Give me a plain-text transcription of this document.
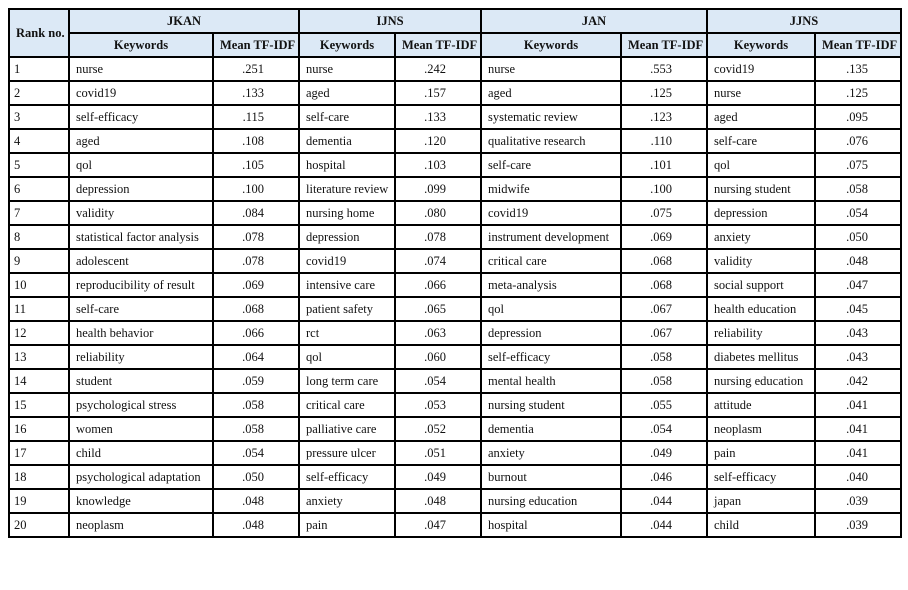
Rank no.	JKAN		IJNS		JAN		JJNS	
	Keywords	Mean TF-IDF	Keywords	Mean TF-IDF	Keywords	Mean TF-IDF	Keywords	Mean TF-IDF
1	nurse	.251	nurse	.242	nurse	.553	covid19	.135
2	covid19	.133	aged	.157	aged	.125	nurse	.125
3	self-efficacy	.115	self-care	.133	systematic review	.123	aged	.095
4	aged	.108	dementia	.120	qualitative research	.110	self-care	.076
5	qol	.105	hospital	.103	self-care	.101	qol	.075
6	depression	.100	literature review	.099	midwife	.100	nursing student	.058
7	validity	.084	nursing home	.080	covid19	.075	depression	.054
8	statistical factor analysis	.078	depression	.078	instrument development	.069	anxiety	.050
9	adolescent	.078	covid19	.074	critical care	.068	validity	.048
10	reproducibility of result	.069	intensive care	.066	meta-analysis	.068	social support	.047
11	self-care	.068	patient safety	.065	qol	.067	health education	.045
12	health behavior	.066	rct	.063	depression	.067	reliability	.043
13	reliability	.064	qol	.060	self-efficacy	.058	diabetes mellitus	.043
14	student	.059	long term care	.054	mental health	.058	nursing education	.042
15	psychological stress	.058	critical care	.053	nursing student	.055	attitude	.041
16	women	.058	palliative care	.052	dementia	.054	neoplasm	.041
17	child	.054	pressure ulcer	.051	anxiety	.049	pain	.041
18	psychological adaptation	.050	self-efficacy	.049	burnout	.046	self-efficacy	.040
19	knowledge	.048	anxiety	.048	nursing education	.044	japan	.039
20	neoplasm	.048	pain	.047	hospital	.044	child	.039
